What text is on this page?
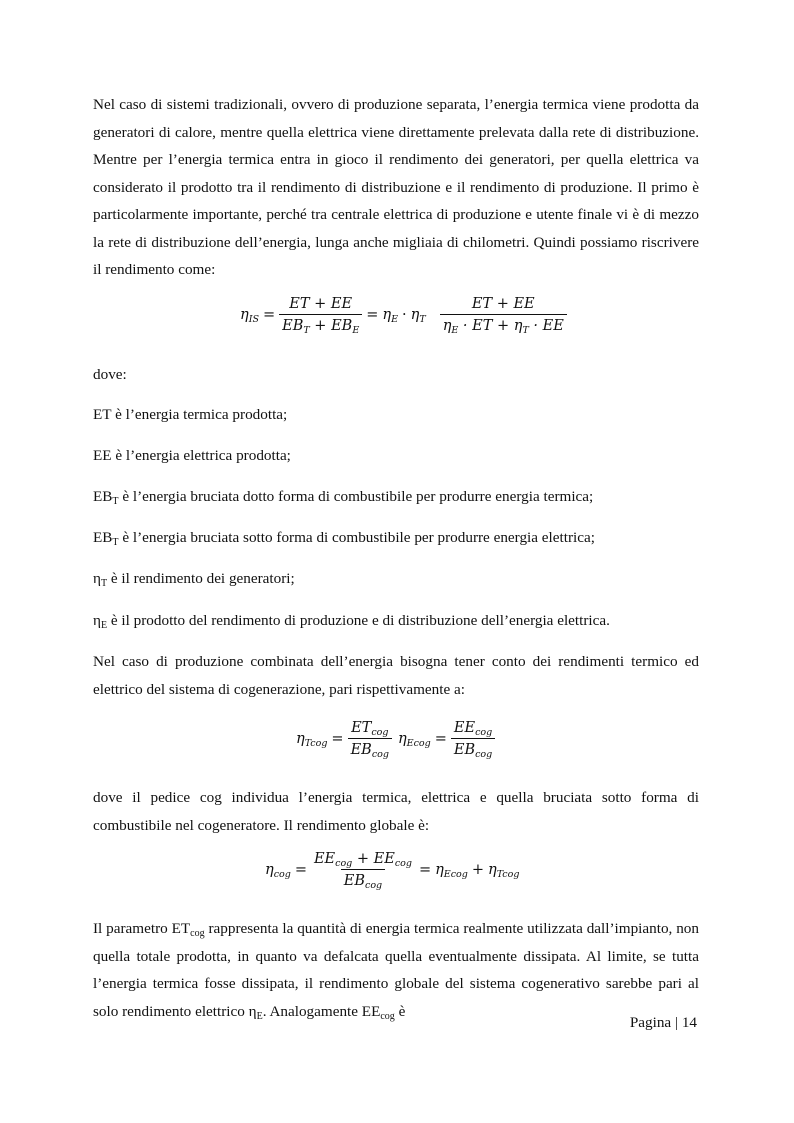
Nel caso di sistemi tradizionali, ovvero di produzione separata, l’energia termica viene prodotta da generatori di calore, mentre quella elettrica viene direttamente prelevata dalla rete di distribuzione. Mentre per l’energia termica entra in gioco il rendimento dei generatori, per quella elettrica va considerato il prodotto tra il rendimento di distribuzione e il rendimento di produzione. Il primo è particolarmente importante, perché tra centrale elettrica di produzione e utente finale vi è di mezzo la rete di distribuzione dell’energia, lunga anche migliaia di chilometri. Quindi possiamo riscrivere il rendimento come:

$\eta_{IS} = \frac{ET + EE}{EB_T + EB_E} = \eta_E \cdot \eta_T \frac{ET + EE}{\eta_E \cdot ET + \eta_T \cdot EE}$

dove:

ET è l’energia termica prodotta;

EE è l’energia elettrica prodotta;

$EB_T$ è l’energia bruciata dotto forma di combustibile per produrre energia termica;

$EB_T$ è l’energia bruciata sotto forma di combustibile per produrre energia elettrica;

$\eta_T$ è il rendimento dei generatori;

$\eta_E$ è il prodotto del rendimento di produzione e di distribuzione dell’energia elettrica.

Nel caso di produzione combinata dell’energia bisogna tener conto dei rendimenti termico ed elettrico del sistema di cogenerazione, pari rispettivamente a:

$\eta_{Tcog} = \frac{ET_{cog}}{EB_{cog}} \eta_{Ecog} = \frac{EE_{cog}}{EB_{cog}}$

dove il pedice cog individua l’energia termica, elettrica e quella bruciata sotto forma di combustibile nel cogeneratore. Il rendimento globale è:

$\eta_{cog} = \frac{EE_{cog} + EE_{cog}}{EB_{cog}} = \eta_{Ecog} + \eta_{Tcog}$

Il parametro $ET_{cog}$ rappresenta la quantità di energia termica realmente utilizzata dall’impianto, non quella totale prodotta, in quanto va defalcata quella eventualmente dissipata. Al limite, se tutta l’energia termica fosse dissipata, il rendimento globale del sistema cogenerativo sarebbe pari al solo rendimento elettrico $\eta_E$. Analogamente $EE_{cog}$ è

Pagina | 14
